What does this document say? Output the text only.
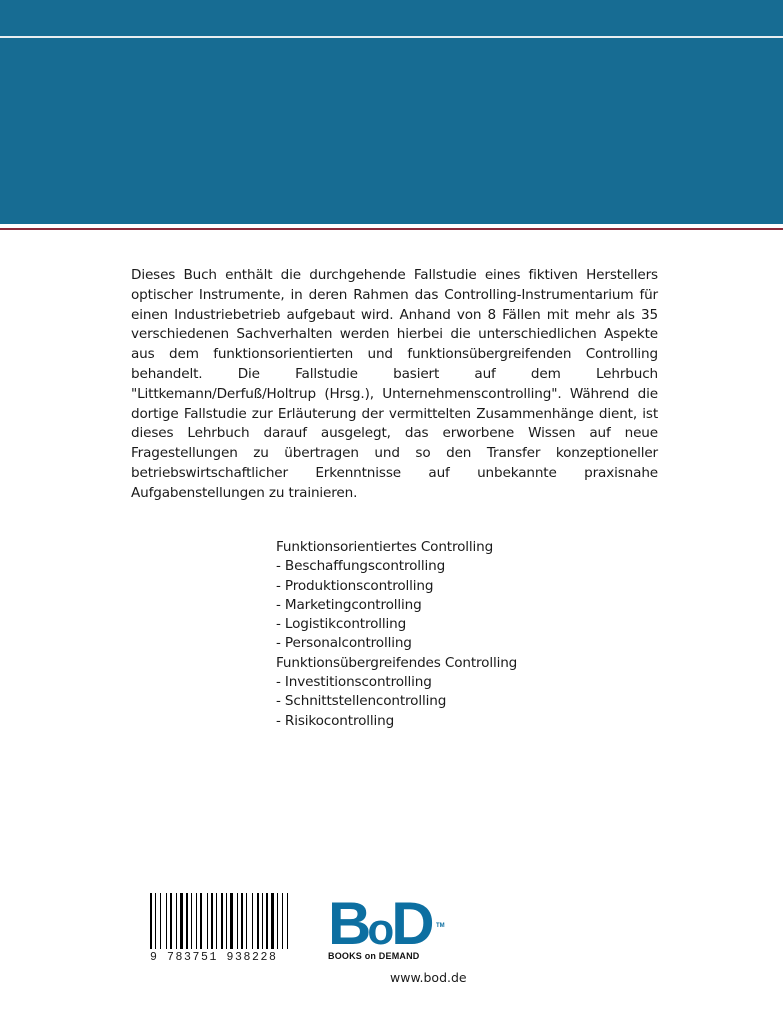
Dieses Buch enthält die durchgehende Fallstudie eines fiktiven Herstellers optischer Instrumente, in deren Rahmen das Controlling-Instrumentarium für einen Industriebetrieb aufgebaut wird. Anhand von 8 Fällen mit mehr als 35 verschiedenen Sachverhalten werden hierbei die unterschiedlichen Aspekte aus dem funktionsorientierten und funktionsübergreifenden Controlling behandelt. Die Fallstudie basiert auf dem Lehrbuch "Littkemann/Derfuß/Holtrup (Hrsg.), Unternehmenscontrolling". Während die dortige Fallstudie zur Erläuterung der vermittelten Zusammenhänge dient, ist dieses Lehrbuch darauf ausgelegt, das erworbene Wissen auf neue Fragestellungen zu übertragen und so den Transfer konzeptioneller betriebswirtschaftlicher Erkenntnisse auf unbekannte praxisnahe Aufgabenstellungen zu trainieren.

Funktionsorientiertes Controlling
- Beschaffungscontrolling
- Produktionscontrolling
- Marketingcontrolling
- Logistikcontrolling
- Personalcontrolling
Funktionsübergreifendes Controlling
- Investitionscontrolling
- Schnittstellencontrolling
- Risikocontrolling
9 783751 938228
BoD TM
BOOKS on DEMAND
www.bod.de
